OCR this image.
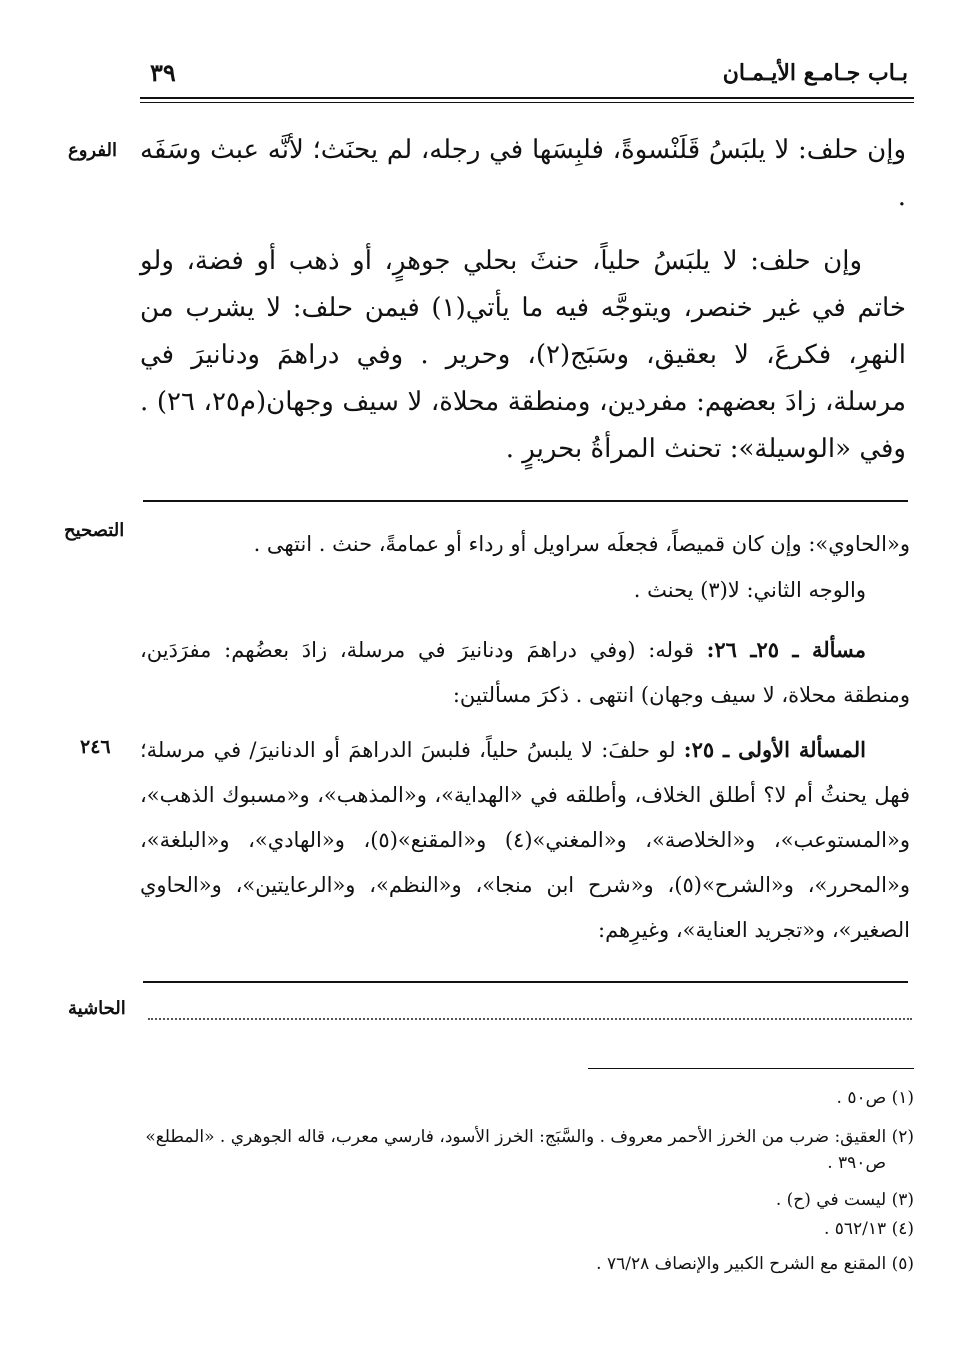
بـاب جـامـع الأيـمـان
٣٩
الفروع
التصحيح
الحاشية
٢٤٦
وإن حلف: لا يلبَسُ قَلَنْسوةً، فلبِسَها في رجله، لم يحنَث؛ لأنَّه عبث وسَفَه .
وإن حلف: لا يلبَسُ حلياً، حنثَ بحلي جوهرٍ، أو ذهب أو فضة، ولو خاتم في غير خنصر، ويتوجَّه فيه ما يأتي(١) فيمن حلف: لا يشرب من النهرِ، فكرعَ، لا بعقيق، وسَبَج(٢)، وحرير . وفي دراهمَ ودنانيرَ في مرسلة، زادَ بعضهم: مفردين، ومنطقة محلاة، لا سيف وجهان(م٢٥، ٢٦) . وفي «الوسيلة»: تحنث المرأةُ بحريرٍ .
و«الحاوي»: وإن كان قميصاً، فجعلَه سراويل أو رداء أو عمامةً، حنث . انتهى .
والوجه الثاني: لا(٣) يحنث .
مسألة ـ ٢٥ـ ٢٦: قوله: (وفي دراهمَ ودنانيرَ في مرسلة، زادَ بعضُهم: مفرَدَين، ومنطقة محلاة، لا سيف وجهان) انتهى . ذكرَ مسألتين:
المسألة الأولى ـ ٢٥: لو حلفَ: لا يلبسُ حلياً، فلبسَ الدراهمَ أو الدنانيرَ/ في مرسلة؛ فهل يحنثُ أم لا؟ أطلق الخلاف، وأطلقه في «الهداية»، و«المذهب»، و«مسبوك الذهب»، و«المستوعب»، و«الخلاصة»، و«المغني»(٤) و«المقنع»(٥)، و«الهادي»، و«البلغة»، و«المحرر»، و«الشرح»(٥)، و«شرح ابن منجا»، و«النظم»، و«الرعايتين»، و«الحاوي الصغير»، و«تجريد العناية»، وغيرِهم:
(١) ص٥٠ .
(٢) العقيق: ضرب من الخرز الأحمر معروف . والسَّبَج: الخرز الأسود، فارسي معرب، قاله الجوهري . «المطلع»
ص٣٩٠ .
(٣) ليست في (ح) .
(٤) ٥٦٢/١٣ .
(٥) المقنع مع الشرح الكبير والإنصاف ٧٦/٢٨ .
